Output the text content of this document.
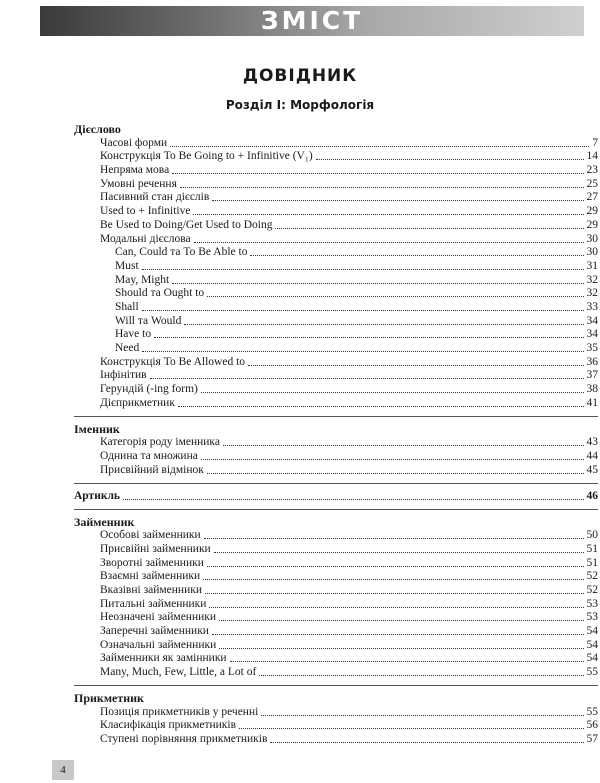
ЗМІСТ
ДОВІДНИК
Розділ І: Морфологія
Дієслово
Часові форми	7
Конструкція To Be Going to + Infinitive (V₁)	14
Непряма мова	23
Умовні речення	25
Пасивний стан дієслів	27
Used to + Infinitive	29
Be Used to Doing/Get Used to Doing	29
Модальні дієслова	30
Can, Could та To Be Able to	30
Must	31
May, Might	32
Should та Ought to	32
Shall	33
Will та Would	34
Have to	34
Need	35
Конструкція To Be Allowed to	36
Інфінітив	37
Герундій (-ing form)	38
Дієприкметник	41
Іменник
Категорія роду іменника	43
Однина та множина	44
Присвійний відмінок	45
Артикль	46
Займенник
Особові займенники	50
Присвійні займенники	51
Зворотні займенники	51
Взаємні займенники	52
Вказівні займенники	52
Питальні займенники	53
Неозначені займенники	53
Заперечні займенники	54
Означальні займенники	54
Займенники як замінники	54
Many, Much, Few, Little, a Lot of	55
Прикметник
Позиція прикметників у реченні	55
Класифікація прикметників	56
Ступені порівняння прикметників	57
4
